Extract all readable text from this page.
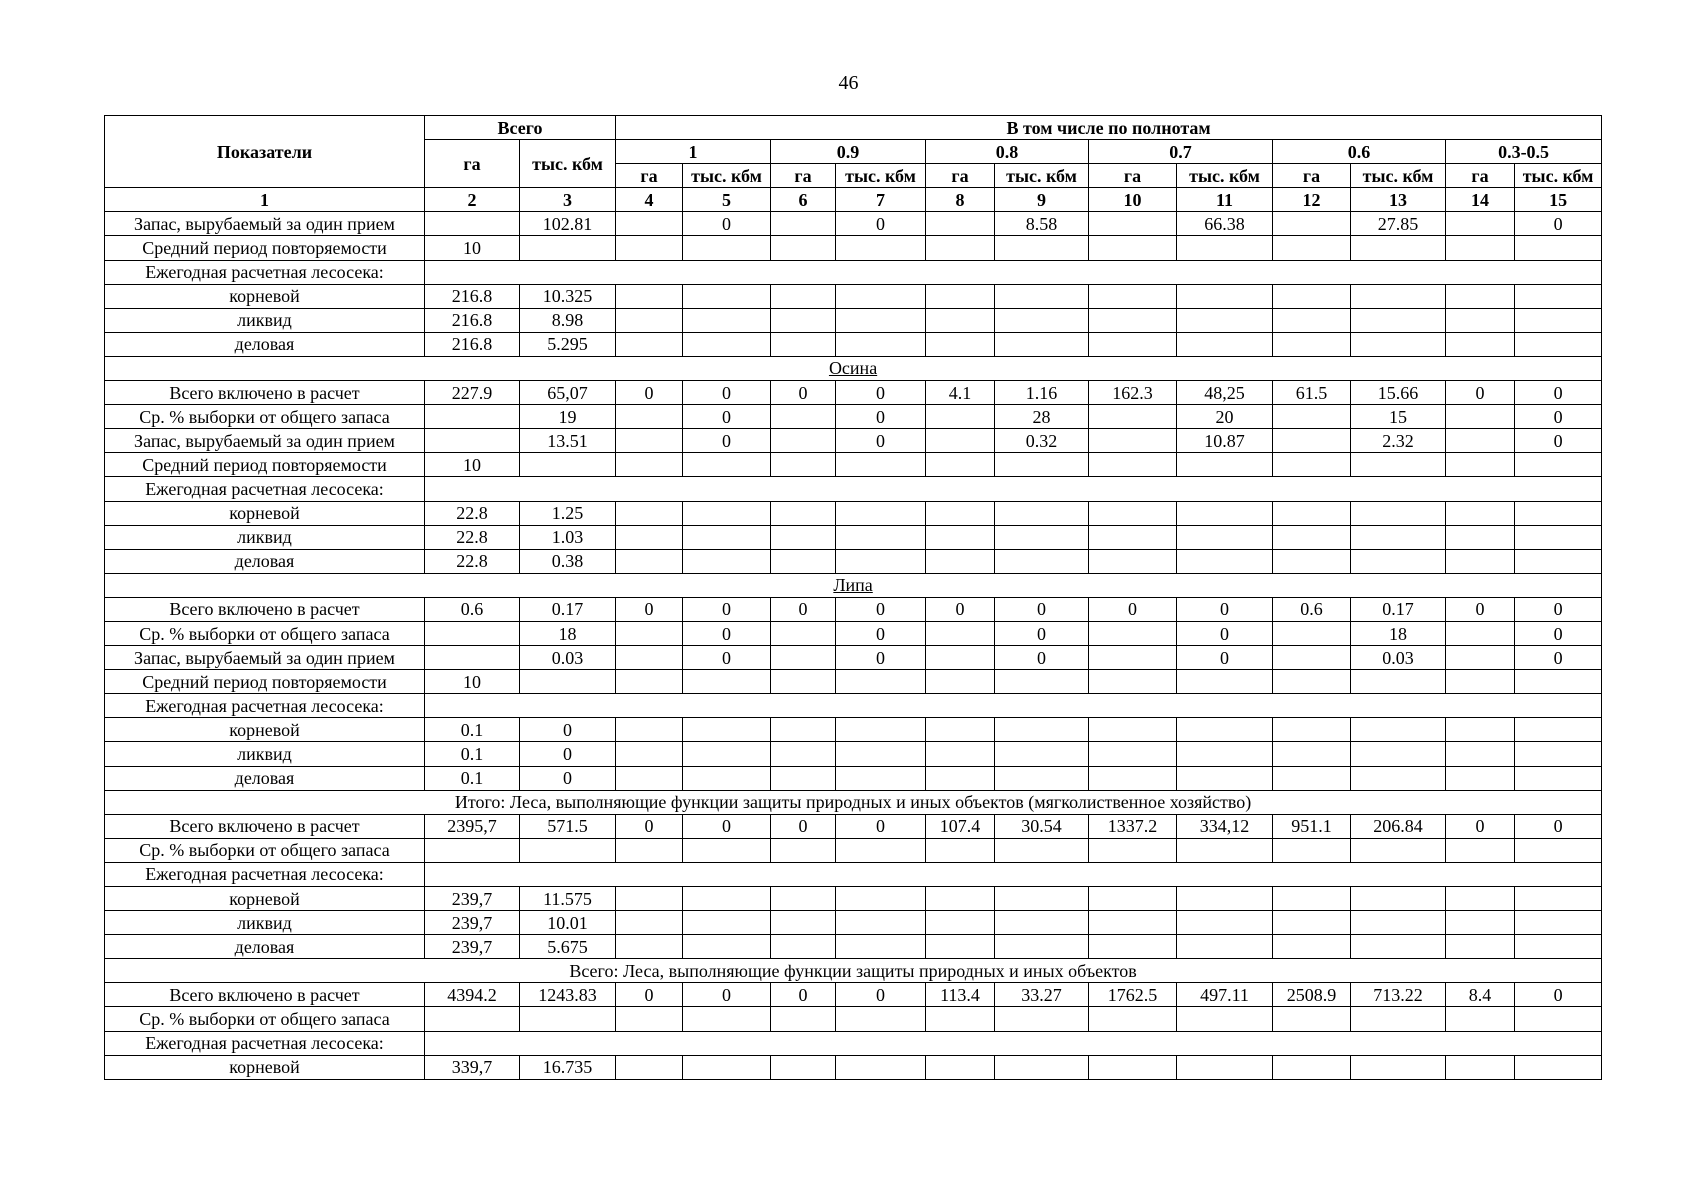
46
Показатели	Всего		В том числе по полнотам											
	га	тыс. кбм	1		0.9		0.8		0.7		0.6		0.3-0.5	
			га	тыс. кбм	га	тыс. кбм	га	тыс. кбм	га	тыс. кбм	га	тыс. кбм	га	тыс. кбм
1	2	3	4	5	6	7	8	9	10	11	12	13	14	15
Запас, вырубаемый за один прием		102.81		0		0		8.58		66.38		27.85		0
Средний период повторяемости	10													
Ежегодная расчетная лесосека:														
корневой	216.8	10.325												
ликвид	216.8	8.98												
деловая	216.8	5.295												
Осина														
Всего включено в расчет	227.9	65,07	0	0	0	0	4.1	1.16	162.3	48,25	61.5	15.66	0	0
Ср. % выборки от общего запаса		19		0		0		28		20		15		0
Запас, вырубаемый за один прием		13.51		0		0		0.32		10.87		2.32		0
Средний период повторяемости	10													
Ежегодная расчетная лесосека:														
корневой	22.8	1.25												
ликвид	22.8	1.03												
деловая	22.8	0.38												
Липа														
Всего включено в расчет	0.6	0.17	0	0	0	0	0	0	0	0	0.6	0.17	0	0
Ср. % выборки от общего запаса		18		0		0		0		0		18		0
Запас, вырубаемый за один прием		0.03		0		0		0		0		0.03		0
Средний период повторяемости	10													
Ежегодная расчетная лесосека:														
корневой	0.1	0												
ликвид	0.1	0												
деловая	0.1	0												
Итого: Леса, выполняющие функции защиты природных и иных объектов (мягколиственное хозяйство)														
Всего включено в расчет	2395,7	571.5	0	0	0	0	107.4	30.54	1337.2	334,12	951.1	206.84	0	0
Ср. % выборки от общего запаса														
Ежегодная расчетная лесосека:														
корневой	239,7	11.575												
ликвид	239,7	10.01												
деловая	239,7	5.675												
Всего: Леса, выполняющие функции защиты природных и иных объектов														
Всего включено в расчет	4394.2	1243.83	0	0	0	0	113.4	33.27	1762.5	497.11	2508.9	713.22	8.4	0
Ср. % выборки от общего запаса														
Ежегодная расчетная лесосека:														
корневой	339,7	16.735												
